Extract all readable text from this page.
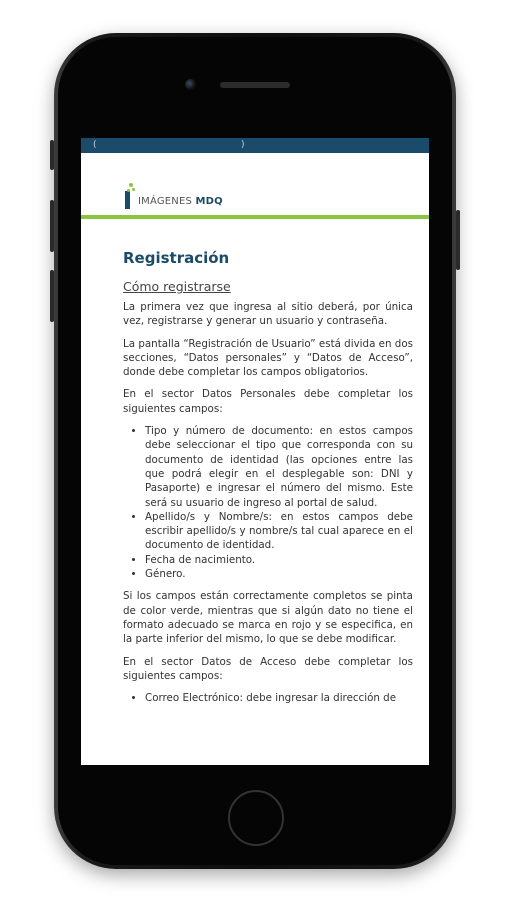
(	)
IMÁGENES MDQ
Registración
Cómo registrarse

La primera vez que ingresa al sitio deberá, por única vez, registrarse y generar un usuario y contraseña.

La pantalla “Registración de Usuario” está divida en dos secciones, “Datos personales” y “Datos de Acceso”, donde debe completar los campos obligatorios.

En el sector Datos Personales debe completar los siguientes campos:

• Tipo y número de documento: en estos campos debe seleccionar el tipo que corresponda con su documento de identidad (las opciones entre las que podrá elegir en el desplegable son: DNI y Pasaporte) e ingresar el número del mismo. Este será su usuario de ingreso al portal de salud.
• Apellido/s y Nombre/s: en estos campos debe escribir apellido/s y nombre/s tal cual aparece en el documento de identidad.
• Fecha de nacimiento.
• Género.

Si los campos están correctamente completos se pinta de color verde, mientras que si algún dato no tiene el formato adecuado se marca en rojo y se especifica, en la parte inferior del mismo, lo que se debe modificar.

En el sector Datos de Acceso debe completar los siguientes campos:

• Correo Electrónico: debe ingresar la dirección de
